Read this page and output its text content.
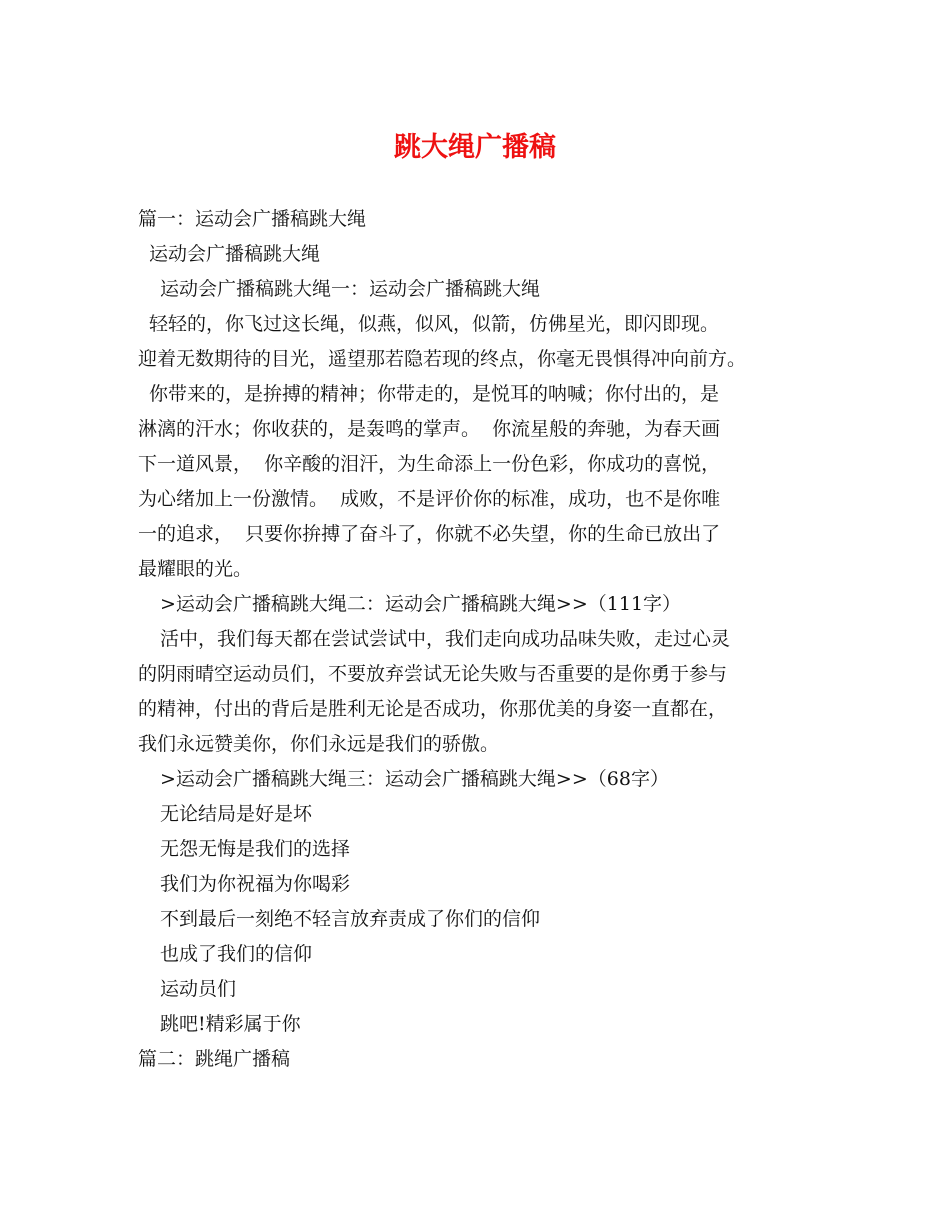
跳大绳广播稿
篇一：运动会广播稿跳大绳
运动会广播稿跳大绳
运动会广播稿跳大绳一：运动会广播稿跳大绳
轻轻的，你飞过这长绳，似燕，似风，似箭，仿佛星光，即闪即现。
迎着无数期待的目光，遥望那若隐若现的终点，你毫无畏惧得冲向前方。
你带来的，是拚搏的精神；你带走的，是悦耳的呐喊；你付出的，是
淋漓的汗水；你收获的，是轰鸣的掌声。  你流星般的奔驰，为春天画
下一道风景，  你辛酸的泪汗，为生命添上一份色彩，你成功的喜悦，
为心绪加上一份激情。  成败，不是评价你的标准，成功，也不是你唯
一的追求，  只要你拚搏了奋斗了，你就不必失望，你的生命已放出了
最耀眼的光。
>运动会广播稿跳大绳二：运动会广播稿跳大绳>>（111字）
活中，我们每天都在尝试尝试中，我们走向成功品味失败，走过心灵
的阴雨晴空运动员们，不要放弃尝试无论失败与否重要的是你勇于参与
的精神，付出的背后是胜利无论是否成功，你那优美的身姿一直都在，
我们永远赞美你，你们永远是我们的骄傲。
>运动会广播稿跳大绳三：运动会广播稿跳大绳>>（68字）
无论结局是好是坏
无怨无悔是我们的选择
我们为你祝福为你喝彩
不到最后一刻绝不轻言放弃责成了你们的信仰
也成了我们的信仰
运动员们
跳吧!精彩属于你
篇二：跳绳广播稿
